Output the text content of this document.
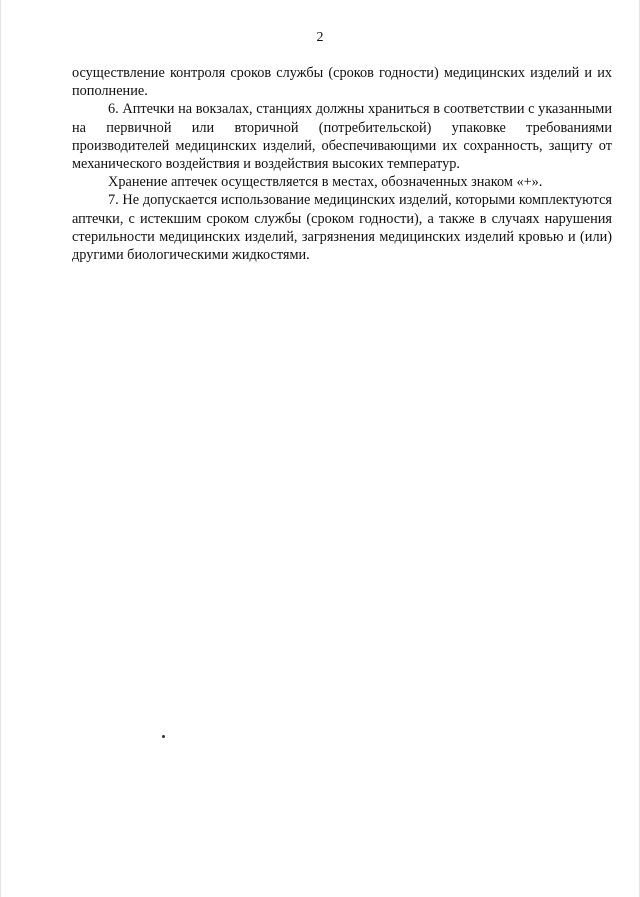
2

осуществление контроля сроков службы (сроков годности) медицинских изделий и их пополнение.

6. Аптечки на вокзалах, станциях должны храниться в соответствии с указанными на первичной или вторичной (потребительской) упаковке требованиями производителей медицинских изделий, обеспечивающими их сохранность, защиту от механического воздействия и воздействия высоких температур.

Хранение аптечек осуществляется в местах, обозначенных знаком «+».

7. Не допускается использование медицинских изделий, которыми комплектуются аптечки, с истекшим сроком службы (сроком годности), а также в случаях нарушения стерильности медицинских изделий, загрязнения медицинских изделий кровью и (или) другими биологическими жидкостями.
